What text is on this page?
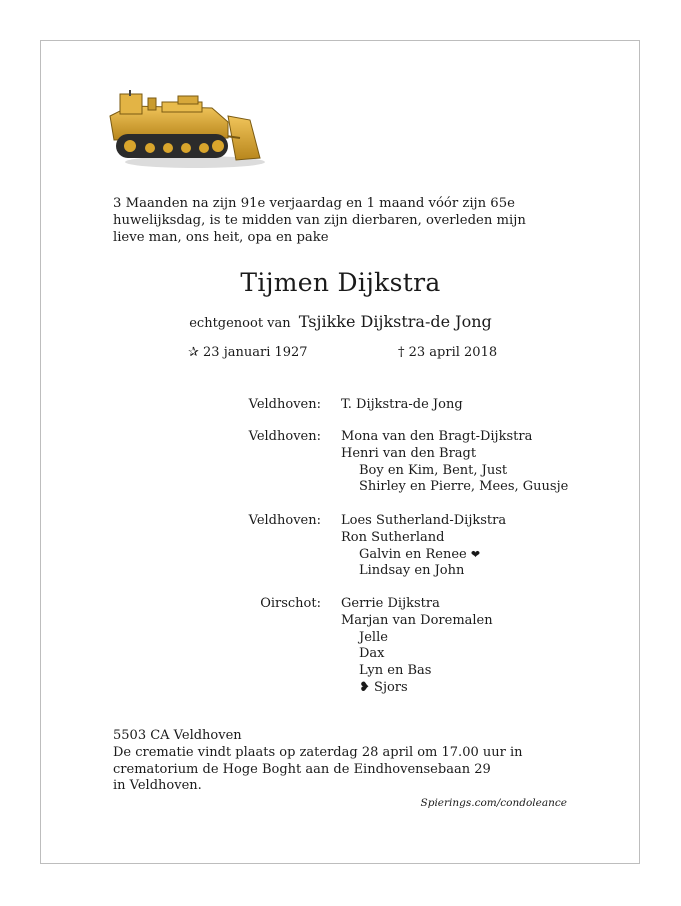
3 Maanden na zijn 91e verjaardag en 1 maand vóór zijn 65e
huwelijksdag, is te midden van zijn dierbaren, overleden mijn
lieve man, ons heit, opa en pake
Tijmen Dijkstra
echtgenoot van Tsjikke Dijkstra-de Jong
✰ 23 januari 1927	† 23 april 2018
Veldhoven: T. Dijkstra-de Jong
Veldhoven: Mona van den Bragt-Dijkstra
Henri van den Bragt
Boy en Kim, Bent, Just
Shirley en Pierre, Mees, Guusje
Veldhoven: Loes Sutherland-Dijkstra
Ron Sutherland
Galvin en Renee ❤
Lindsay en John
Oirschot: Gerrie Dijkstra
Marjan van Doremalen
Jelle
Dax
Lyn en Bas
❥ Sjors
5503 CA Veldhoven
De crematie vindt plaats op zaterdag 28 april om 17.00 uur in
crematorium de Hoge Boght aan de Eindhovensebaan 29
in Veldhoven.
Spierings.com/condoleance
